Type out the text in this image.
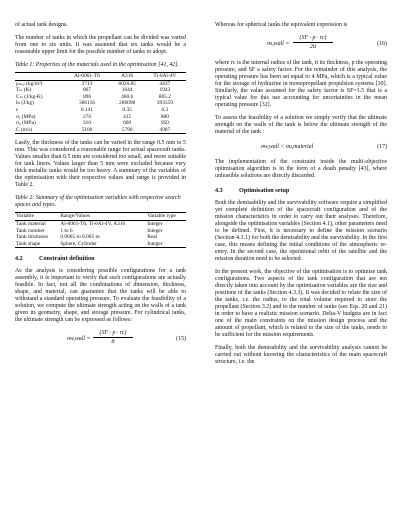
of actual tank designs.

The number of tanks in which the propellant can be divided was varied from one to six units. It was assumed that six tanks would be a reasonable upper limit for the possible number of tanks to adopt.

Table 1: Properties of the materials used in the optimisation [41, 42].
	Al-6061-T6	A316	Ti-6Al-4V
ρₘₐₜ (kg/m³)	2713	8026.85	4437
Tₘ (K)	867	1644	1943
Cₘ (J/kg-K)	896	460.6	805.2
hₗ (J/kg)	386116	286098	393559
ε	0.141	0.35	0.3
σᵧ (MPa)	276	415	880
σᵤ (MPa)	310	600	950
C (m/s)	5100	5790	4987

Lastly, the thickness of the tanks can be varied in the range 0.5 mm to 5 mm. This was considered a reasonable range for actual spacecraft tanks. Values smaller than 0.5 mm are considered too small, and more suitable for tank liners. Values larger than 5 mm were excluded because very thick metallic tanks would be too heavy. A summary of the variables of the optimisation with their respective values and range is provided in Table 2.

Table 2: Summary of the optimisation variables with respective search spaces and types.
Variable	Range/Values	Variable type
Tank material	Al-6061-T6, Ti-6Al-4V, A316	Integer
Tank number	1 to 6	Integer
Tank thickness	0.0005 to 0.005 m	Real
Tank shape	Sphere, Cylinder	Integer
4.2	Constraint definition

As the analysis is considering possible configurations for a tank assembly, it is important to verify that such configurations are actually feasible. In fact, not all the combinations of dimension, thickness, shape, and material, can guarantee that the tanks will be able to withstand a standard operating pressure. To evaluate the feasibility of a solution, we compute the ultimate strength acting on the walls of a tank given its geometry, shape, and storage pressure. For cylindrical tanks, the ultimate strength can be expressed as follows:

σw,wall = $\frac{(SF \cdot p \cdot rc)}{tt}$	(15)

Whereas for spherical tanks the equivalent expression is

σs,wall = $\frac{(SF \cdot p \cdot rc)}{2tt}$	(16)

where rc is the internal radius of the tank, tt its thickness, p the operating pressure, and SF a safety factor. For the remainder of this analysis, the operating pressure has been set equal to 4 MPa, which is a typical value for the storage of hydrazine in monopropellant propulsion systems [30]. Similarly, the value assumed for the safety factor is SF=1.5 that is a typical value for this use accounting for uncertainties in the mean operating pressure [32].

To assess the feasibility of a solution we simply verify that the ultimate strength on the walls of the tank is below the ultimate strength of the material of the tank :

σw,wall < σu,material	(17)

The implementation of the constraint inside the multi-objective optimisation algorithm is in the form of a death penalty [43], where unfeasible solutions are directly discarded.

4.3	Optimisation setup

Both the demisability and the survivability software require a simplified yet complete definition of the spacecraft configuration and of the mission characteristics in order to carry out their analyses. Therefore, alongside the optimisation variables (Section 4.1), other parameters need to be defined. First, it is necessary to define the mission scenario (Section 4.3.1) for both the demisability and the survivability. In the first case, this means defining the initial conditions of the atmospheric re-entry. In the second case, the operational orbit of the satellite and the mission duration need to be selected.

In the present work, the objective of the optimisation is to optimise tank configurations. Two aspects of the tank configuration that are not directly taken into account by the optimisation variables are the size and positions of the tanks (Section 4.3.3). It was decided to relate the size of the tanks, i.e. the radius, to the total volume required to store the propellant (Section 3.2) and to the number of tanks (see Eqs. 20 and 21) in order to have a realistic mission scenario. Delta-V budgets are in fact one of the main constraints on the mission design process and the amount of propellant, which is related to the size of the tanks, needs to be sufficient for the mission requirements.

Finally, both the demisability and the survivability analysis cannot be carried out without knowing the characteristics of the main spacecraft structure, i.e. the
